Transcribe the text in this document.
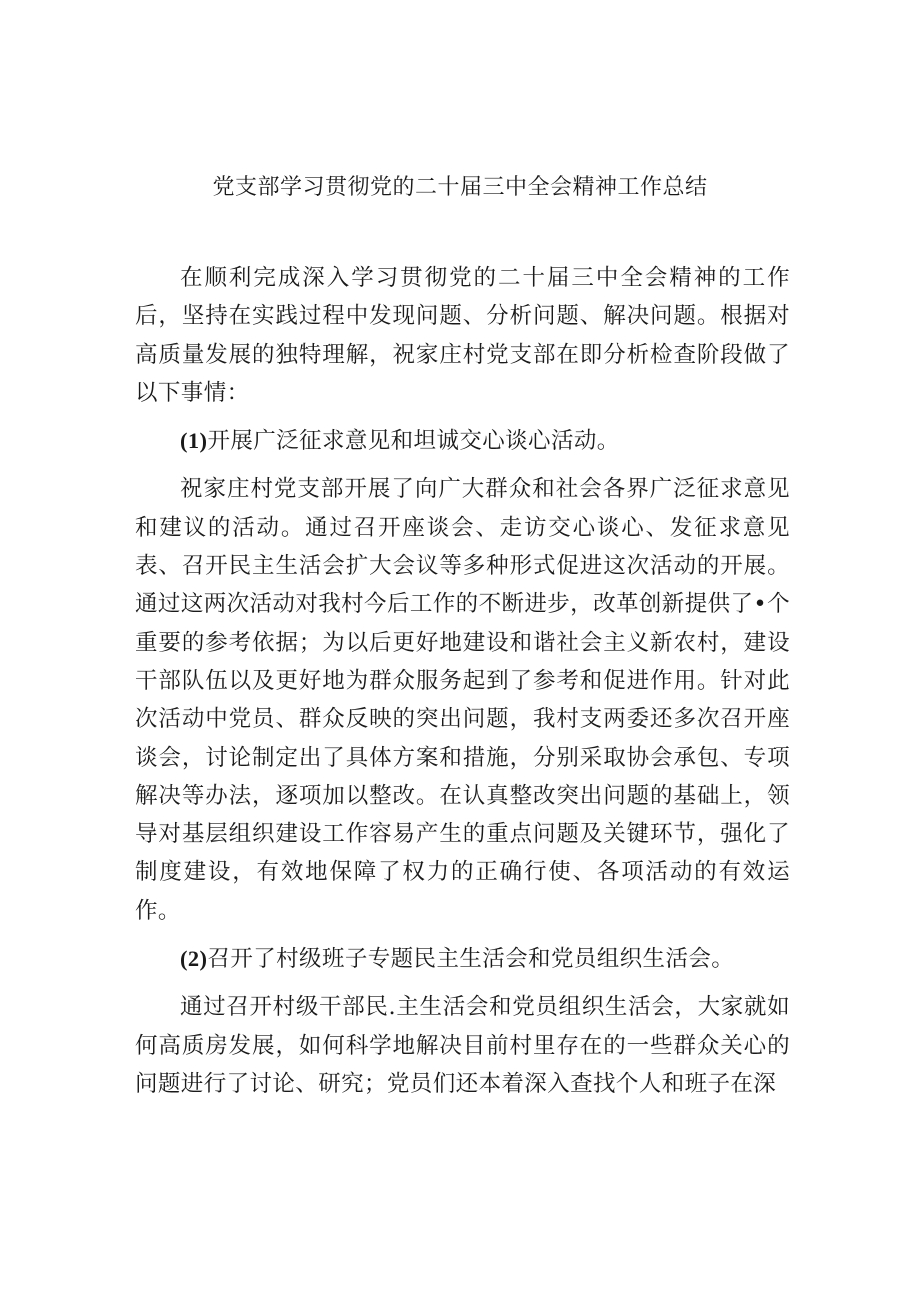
党支部学习贯彻党的二十届三中全会精神工作总结

在顺利完成深入学习贯彻党的二十届三中全会精神的工作后，坚持在实践过程中发现问题、分析问题、解决问题。根据对高质量发展的独特理解，祝家庄村党支部在即分析检查阶段做了以下事情：

(1)开展广泛征求意见和坦诚交心谈心活动。

祝家庄村党支部开展了向广大群众和社会各界广泛征求意见和建议的活动。通过召开座谈会、走访交心谈心、发征求意见表、召开民主生活会扩大会议等多种形式促进这次活动的开展。通过这两次活动对我村今后工作的不断进步，改革创新提供了•个重要的参考依据；为以后更好地建设和谐社会主义新农村，建设干部队伍以及更好地为群众服务起到了参考和促进作用。针对此次活动中党员、群众反映的突出问题，我村支两委还多次召开座谈会，讨论制定出了具体方案和措施，分别采取协会承包、专项解决等办法，逐项加以整改。在认真整改突出问题的基础上，领导对基层组织建设工作容易产生的重点问题及关键环节，强化了制度建设，有效地保障了权力的正确行使、各项活动的有效运作。

(2)召开了村级班子专题民主生活会和党员组织生活会。

通过召开村级干部民.主生活会和党员组织生活会，大家就如何高质房发展，如何科学地解决目前村里存在的一些群众关心的问题进行了讨论、研究；党员们还本着深入查找个人和班子在深
